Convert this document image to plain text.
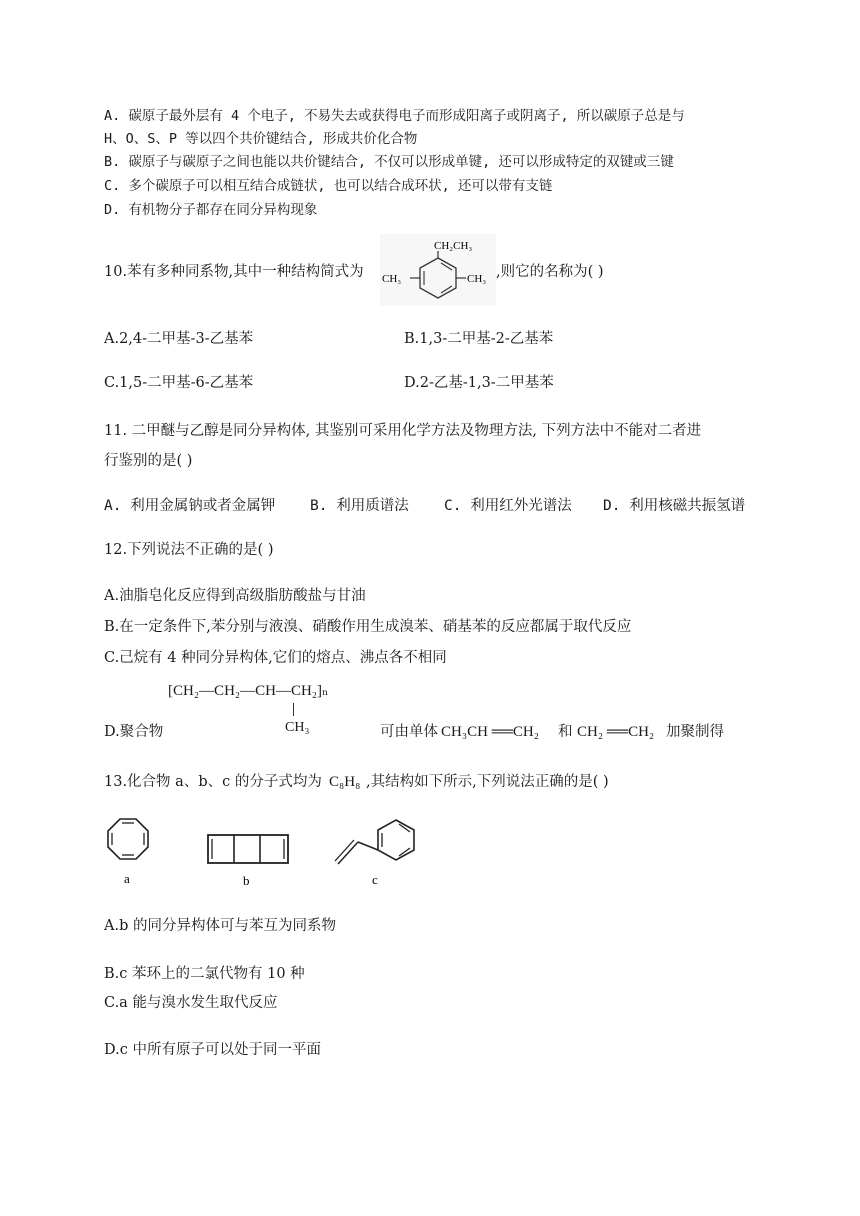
A. 碳原子最外层有 4 个电子, 不易失去或获得电子而形成阳离子或阴离子, 所以碳原子总是与
H、O、S、P 等以四个共价键结合, 形成共价化合物
B. 碳原子与碳原子之间也能以共价键结合, 不仅可以形成单键, 还可以形成特定的双键或三键
C. 多个碳原子可以相互结合成链状, 也可以结合成环状, 还可以带有支链
D. 有机物分子都存在同分异构现象
10.苯有多种同系物,其中一种结构简式为
CH₂CH₃
CH₃	CH₃ ,则它的名称为( )
A.2,4-二甲基-3-乙基苯	B.1,3-二甲基-2-乙基苯
C.1,5-二甲基-6-乙基苯	D.2-乙基-1,3-二甲基苯
11. 二甲醚与乙醇是同分异构体, 其鉴别可采用化学方法及物理方法, 下列方法中不能对二者进
行鉴别的是( )
A. 利用金属钠或者金属钾 B. 利用质谱法 C. 利用红外光谱法 D. 利用核磁共振氢谱
12.下列说法不正确的是( )
A.油脂皂化反应得到高级脂肪酸盐与甘油
B.在一定条件下,苯分别与液溴、硝酸作用生成溴苯、硝基苯的反应都属于取代反应
C.己烷有 4 种同分异构体,它们的熔点、沸点各不相同
[CH₂—CH₂—CH—CH₂]ₙ
CH₃
D.聚合物	可由单体 CH₃CH ══CH₂ 和 CH₂ ══CH₂ 加聚制得
13.化合物 a、b、c 的分子式均为 C₈H₈ ,其结构如下所示,下列说法正确的是( )
a	b	c
A.b 的同分异构体可与苯互为同系物
B.c 苯环上的二氯代物有 10 种
C.a 能与溴水发生取代反应
D.c 中所有原子可以处于同一平面
